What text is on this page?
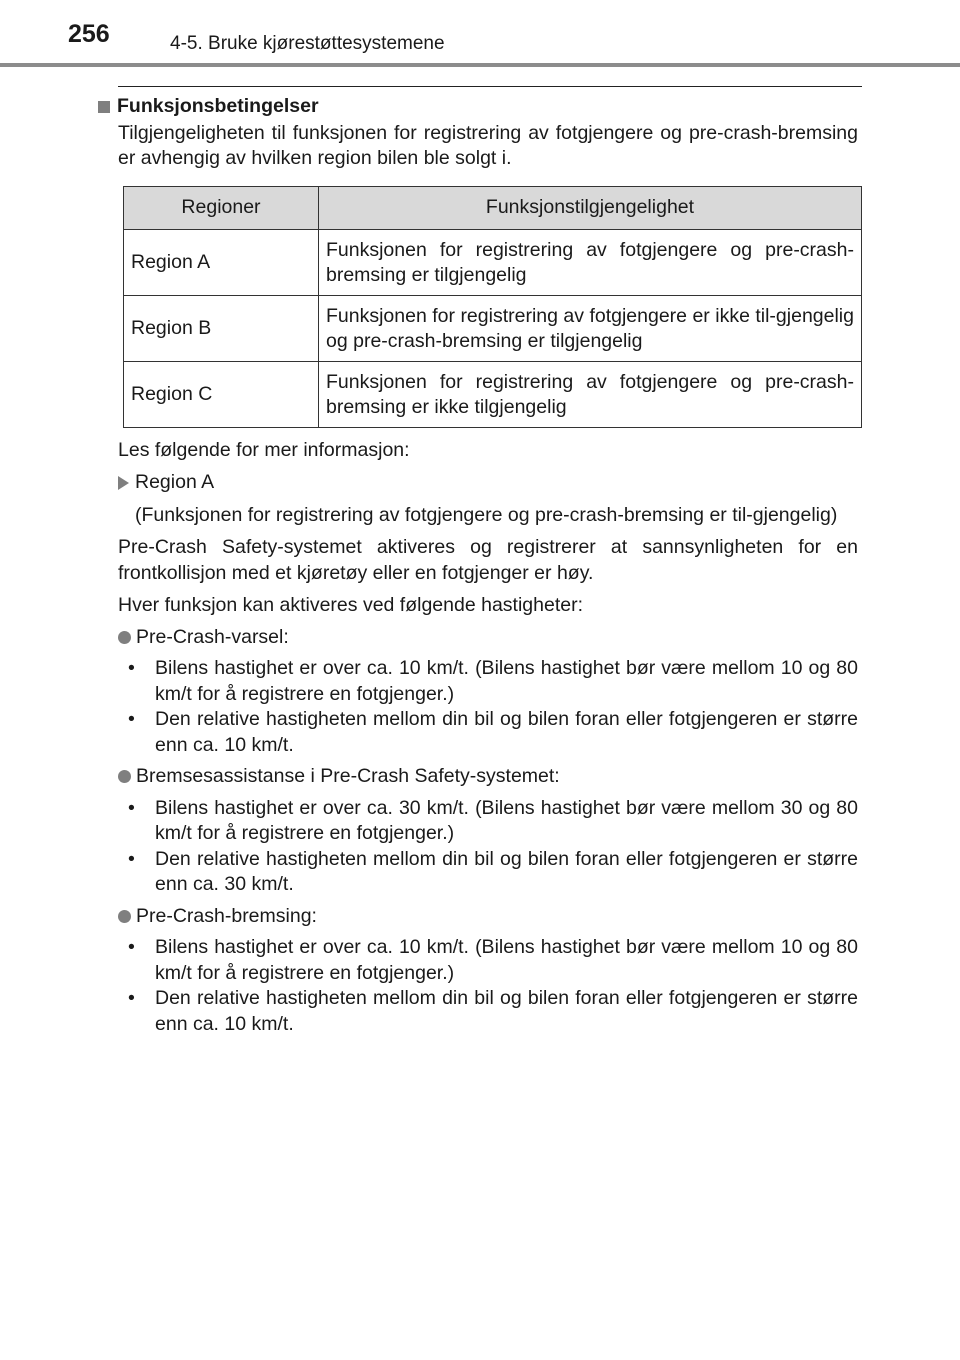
256	4-5. Bruke kjørestøttesystemene
Funksjonsbetingelser

Tilgjengeligheten til funksjonen for registrering av fotgjengere og pre-crash-bremsing er avhengig av hvilken region bilen ble solgt i.

Regioner	Funksjonstilgjengelighet
Region A	Funksjonen for registrering av fotgjengere og pre-crash-bremsing er tilgjengelig
Region B	Funksjonen for registrering av fotgjengere er ikke til-gjengelig og pre-crash-bremsing er tilgjengelig
Region C	Funksjonen for registrering av fotgjengere og pre-crash-bremsing er ikke tilgjengelig

Les følgende for mer informasjon:

Region A

(Funksjonen for registrering av fotgjengere og pre-crash-bremsing er til-gjengelig)

Pre-Crash Safety-systemet aktiveres og registrerer at sannsynligheten for en frontkollisjon med et kjøretøy eller en fotgjenger er høy.

Hver funksjon kan aktiveres ved følgende hastigheter:

Pre-Crash-varsel:
• Bilens hastighet er over ca. 10 km/t. (Bilens hastighet bør være mellom 10 og 80 km/t for å registrere en fotgjenger.)
• Den relative hastigheten mellom din bil og bilen foran eller fotgjengeren er større enn ca. 10 km/t.
Bremsesassistanse i Pre-Crash Safety-systemet:
• Bilens hastighet er over ca. 30 km/t. (Bilens hastighet bør være mellom 30 og 80 km/t for å registrere en fotgjenger.)
• Den relative hastigheten mellom din bil og bilen foran eller fotgjengeren er større enn ca. 30 km/t.
Pre-Crash-bremsing:
• Bilens hastighet er over ca. 10 km/t. (Bilens hastighet bør være mellom 10 og 80 km/t for å registrere en fotgjenger.)
• Den relative hastigheten mellom din bil og bilen foran eller fotgjengeren er større enn ca. 10 km/t.
